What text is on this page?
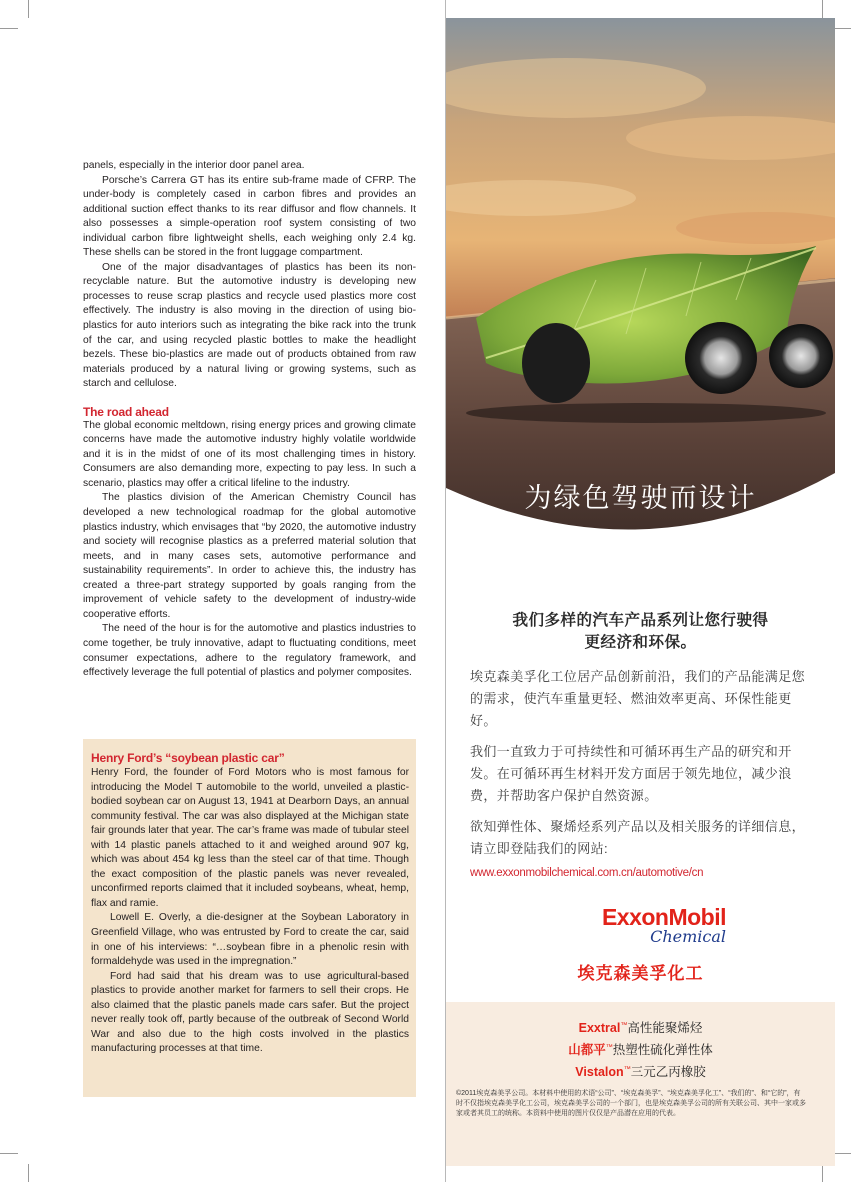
panels, especially in the interior door panel area.

Porsche’s Carrera GT has its entire sub-frame made of CFRP. The under-body is completely cased in carbon fibres and provides an additional suction effect thanks to its rear diffusor and flow channels. It also possesses a simple-operation roof system consisting of two individual carbon fibre lightweight shells, each weighing only 2.4 kg. These shells can be stored in the front luggage compartment.

One of the major disadvantages of plastics has been its non-recyclable nature. But the automotive industry is developing new processes to reuse scrap plastics and recycle used plastics more cost effectively. The industry is also moving in the direction of using bio-plastics for auto interiors such as integrating the bike rack into the trunk of the car, and using recycled plastic bottles to make the headlight bezels. These bio-plastics are made out of products obtained from raw materials produced by a natural living or growing systems, such as starch and cellulose.

The road ahead

The global economic meltdown, rising energy prices and growing climate concerns have made the automotive industry highly volatile worldwide and it is in the midst of one of its most challenging times in history. Consumers are also demanding more, expecting to pay less. In such a scenario, plastics may offer a critical lifeline to the industry.

The plastics division of the American Chemistry Council has developed a new technological roadmap for the global automotive plastics industry, which envisages that “by 2020, the automotive industry and society will recognise plastics as a preferred material solution that meets, and in many cases sets, automotive performance and sustainability requirements”. In order to achieve this, the industry has created a three-part strategy supported by goals ranging from the improvement of vehicle safety to the development of industry-wide cooperative efforts.

The need of the hour is for the automotive and plastics industries to come together, be truly innovative, adapt to fluctuating conditions, meet consumer expectations, adhere to the regulatory framework, and effectively leverage the full potential of plastics and polymer composites.

Henry Ford’s “soybean plastic car”

Henry Ford, the founder of Ford Motors who is most famous for introducing the Model T automobile to the world, unveiled a plastic-bodied soybean car on August 13, 1941 at Dearborn Days, an annual community festival. The car was also displayed at the Michigan state fair grounds later that year. The car’s frame was made of tubular steel with 14 plastic panels attached to it and weighed around 907 kg, which was about 454 kg less than the steel car of that time. Though the exact composition of the plastic panels was never revealed, unconfirmed reports claimed that it included soybeans, wheat, hemp, flax and ramie.

Lowell E. Overly, a die-designer at the Soybean Laboratory in Greenfield Village, who was entrusted by Ford to create the car, said in one of his interviews: “…soybean fibre in a phenolic resin with formaldehyde was used in the impregnation.”

Ford had said that his dream was to use agricultural-based plastics to provide another market for farmers to sell their crops. He also claimed that the plastic panels made cars safer. But the project never really took off, partly because of the outbreak of Second World War and also due to the high costs involved in the plastics manufacturing processes at that time.

为绿色驾驶而设计
我们多样的汽车产品系列让您行驶得
更经济和环保。
埃克森美孚化工位居产品创新前沿，我们的产品能满足您的需求，使汽车重量更轻、燃油效率更高、环保性能更好。
我们一直致力于可持续性和可循环再生产品的研究和开发。在可循环再生材料开发方面居于领先地位，减少浪费，并帮助客户保护自然资源。
欲知弹性体、聚烯烃系列产品以及相关服务的详细信息，请立即登陆我们的网站:
www.exxonmobilchemical.com.cn/automotive/cn
ExxonMobil
Chemical
埃克森美孚化工
Exxtral™高性能聚烯烃
山都平™热塑性硫化弹性体
Vistalon™三元乙丙橡胶
©2011埃克森美孚公司。本材料中使用的术语“公司”、“埃克森美孚”、“埃克森美孚化工”、“我们的”、和“它的”，有时不仅指埃克森美孚化工公司，埃克森美孚公司的一个部门，也是埃克森美孚公司的所有关联公司、其中一家或多家或者其员工的统称。本资料中使用的图片仅仅是产品潜在应用的代表。
